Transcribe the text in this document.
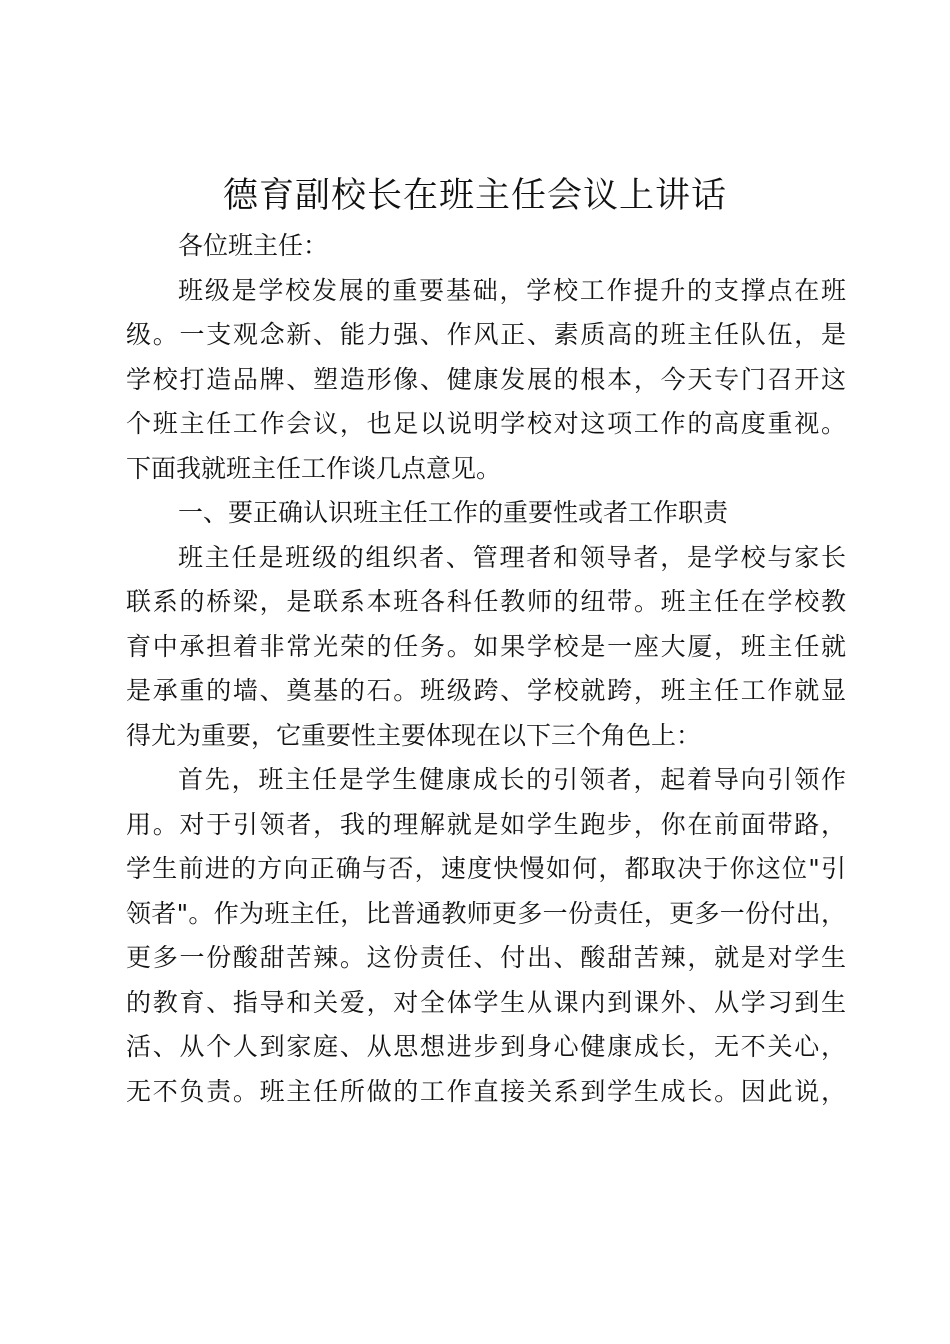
德育副校长在班主任会议上讲话
各位班主任：
班级是学校发展的重要基础，学校工作提升的支撑点在班
级。一支观念新、能力强、作风正、素质高的班主任队伍，是
学校打造品牌、塑造形像、健康发展的根本，今天专门召开这
个班主任工作会议，也足以说明学校对这项工作的高度重视。
下面我就班主任工作谈几点意见。
一、要正确认识班主任工作的重要性或者工作职责
班主任是班级的组织者、管理者和领导者，是学校与家长
联系的桥梁，是联系本班各科任教师的纽带。班主任在学校教
育中承担着非常光荣的任务。如果学校是一座大厦，班主任就
是承重的墙、奠基的石。班级跨、学校就跨，班主任工作就显
得尤为重要，它重要性主要体现在以下三个角色上：
首先，班主任是学生健康成长的引领者，起着导向引领作
用。对于引领者，我的理解就是如学生跑步，你在前面带路，
学生前进的方向正确与否，速度快慢如何，都取决于你这位"引
领者"。作为班主任，比普通教师更多一份责任，更多一份付出，
更多一份酸甜苦辣。这份责任、付出、酸甜苦辣，就是对学生
的教育、指导和关爱，对全体学生从课内到课外、从学习到生
活、从个人到家庭、从思想进步到身心健康成长，无不关心，
无不负责。班主任所做的工作直接关系到学生成长。因此说，
